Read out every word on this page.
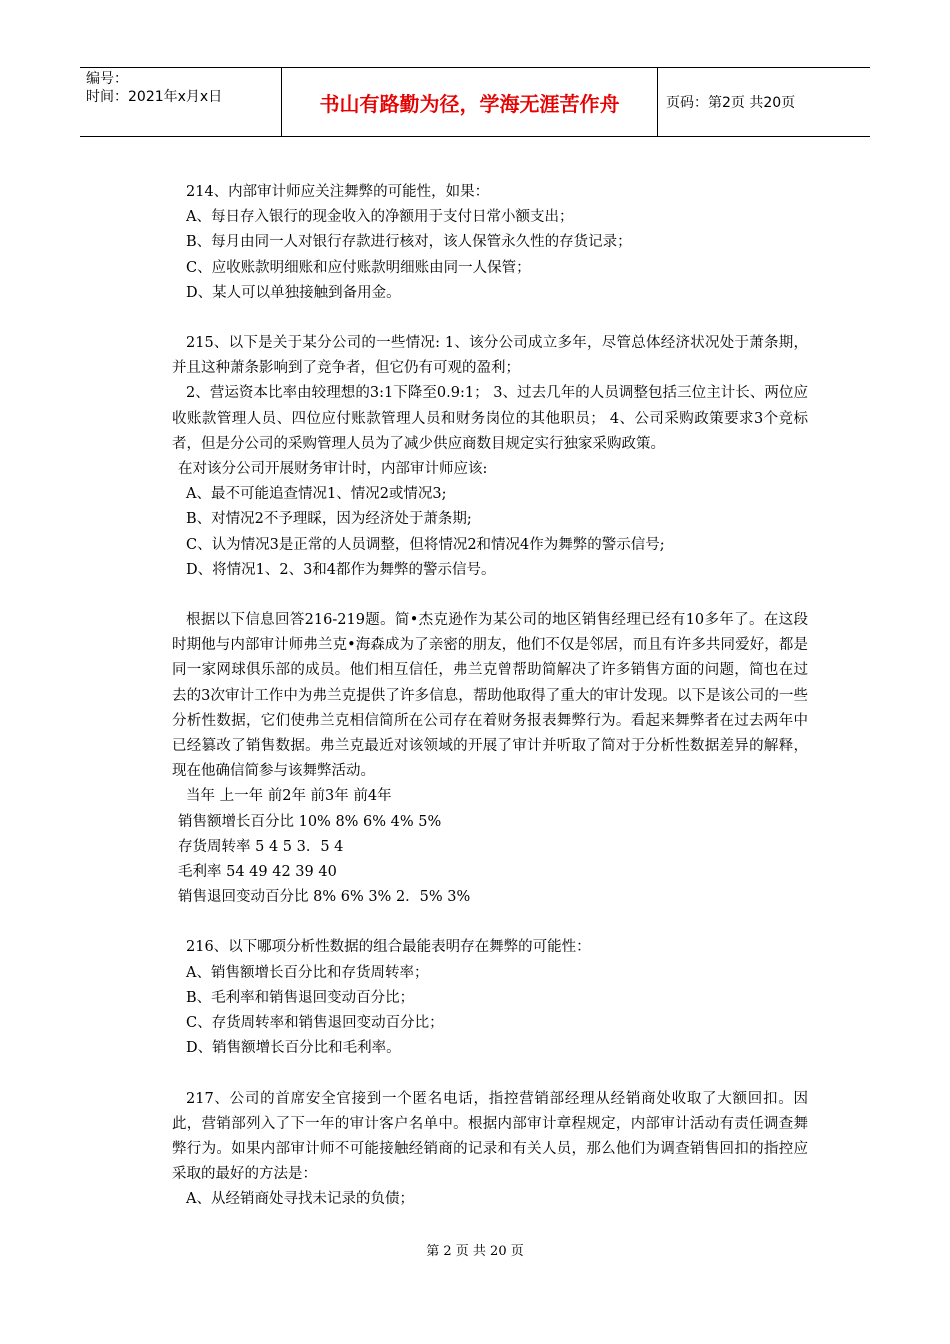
编号：
时间：2021年x月x日	书山有路勤为径，学海无涯苦作舟	页码：第2页 共20页

214、内部审计师应关注舞弊的可能性，如果：

A、每日存入银行的现金收入的净额用于支付日常小额支出；

B、每月由同一人对银行存款进行核对，该人保管永久性的存货记录；

C、应收账款明细账和应付账款明细账由同一人保管；

D、某人可以单独接触到备用金。

215、以下是关于某分公司的一些情况: 1、该分公司成立多年，尽管总体经济状况处于萧条期，并且这种萧条影响到了竞争者，但它仍有可观的盈利；

2、营运资本比率由较理想的3:1下降至0.9:1； 3、过去几年的人员调整包括三位主计长、两位应收账款管理人员、四位应付账款管理人员和财务岗位的其他职员； 4、公司采购政策要求3个竞标者，但是分公司的采购管理人员为了减少供应商数目规定实行独家采购政策。

在对该分公司开展财务审计时，内部审计师应该:

A、最不可能追查情况1、情况2或情况3;

B、对情况2不予理睬，因为经济处于萧条期;

C、认为情况3是正常的人员调整，但将情况2和情况4作为舞弊的警示信号;

D、将情况1、2、3和4都作为舞弊的警示信号。

根据以下信息回答216-219题。简•杰克逊作为某公司的地区销售经理已经有10多年了。在这段时期他与内部审计师弗兰克•海森成为了亲密的朋友，他们不仅是邻居，而且有许多共同爱好，都是同一家网球俱乐部的成员。他们相互信任，弗兰克曾帮助简解决了许多销售方面的问题，简也在过去的3次审计工作中为弗兰克提供了许多信息，帮助他取得了重大的审计发现。以下是该公司的一些分析性数据，它们使弗兰克相信简所在公司存在着财务报表舞弊行为。看起来舞弊者在过去两年中已经篡改了销售数据。弗兰克最近对该领域的开展了审计并听取了简对于分析性数据差异的解释，现在他确信简参与该舞弊活动。

当年 上一年 前2年 前3年 前4年

销售额增长百分比 10% 8% 6% 4% 5%

存货周转率 5 4 5 3．5 4

毛利率 54 49 42 39 40

销售退回变动百分比 8% 6% 3% 2．5% 3%

216、以下哪项分析性数据的组合最能表明存在舞弊的可能性：

A、销售额增长百分比和存货周转率；

B、毛利率和销售退回变动百分比；

C、存货周转率和销售退回变动百分比；

D、销售额增长百分比和毛利率。

217、公司的首席安全官接到一个匿名电话，指控营销部经理从经销商处收取了大额回扣。因此，营销部列入了下一年的审计客户名单中。根据内部审计章程规定，内部审计活动有责任调查舞弊行为。如果内部审计师不可能接触经销商的记录和有关人员，那么他们为调查销售回扣的指控应采取的最好的方法是：

A、从经销商处寻找未记录的负债；

第 2 页 共 20 页
